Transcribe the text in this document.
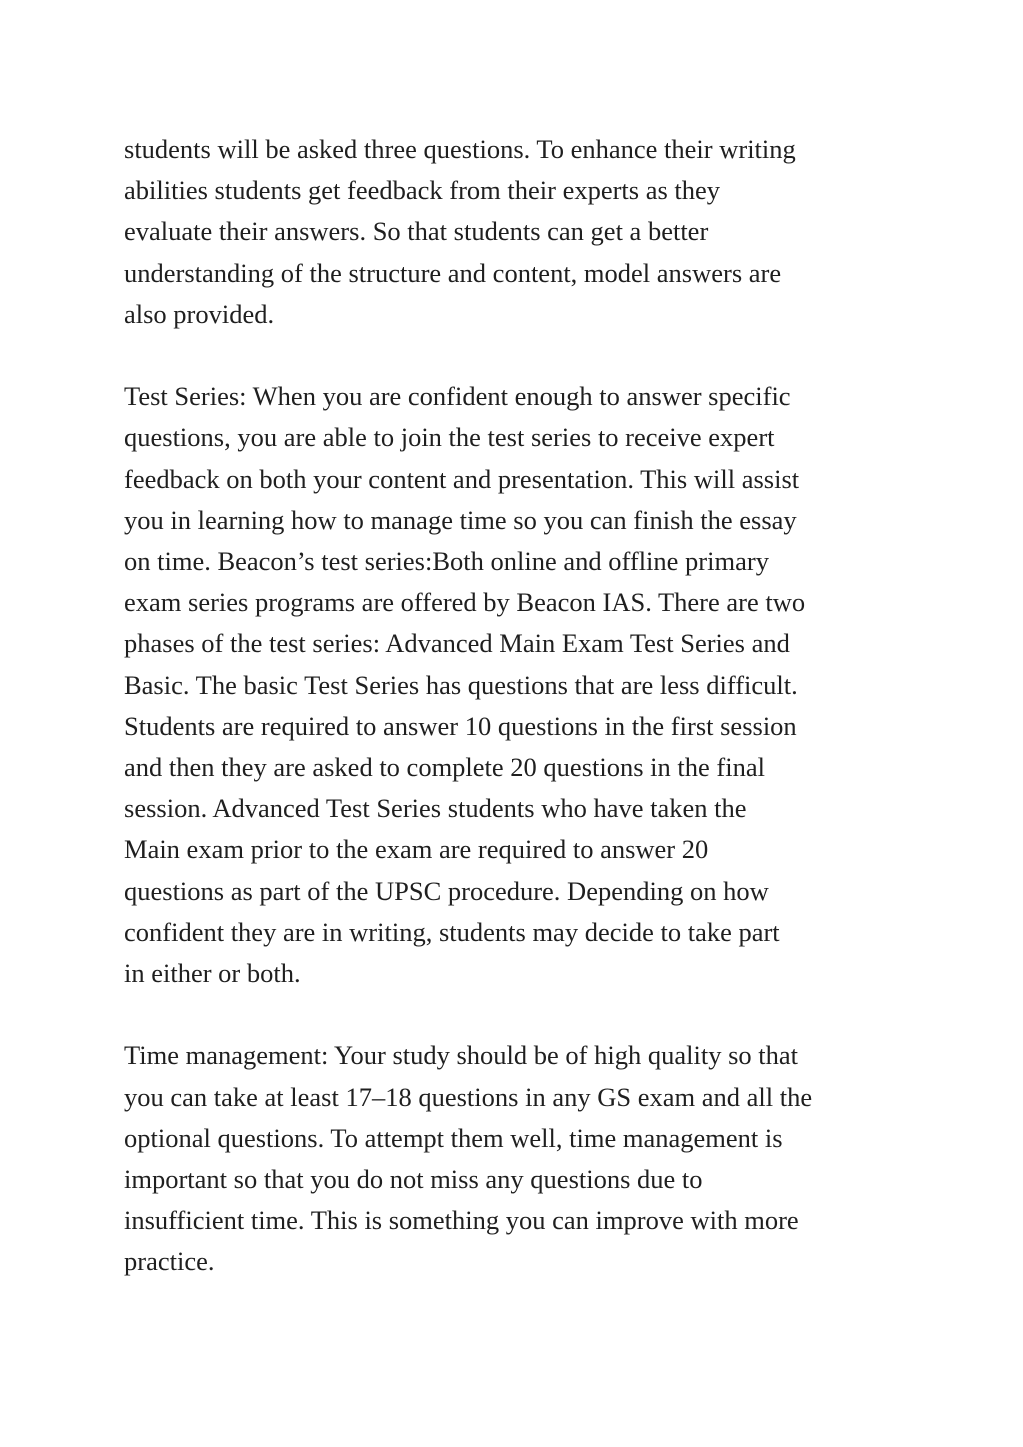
students will be asked three questions. To enhance their writing
abilities students get feedback from their experts as they
evaluate their answers. So that students can get a better
understanding of the structure and content, model answers are
also provided.

Test Series: When you are confident enough to answer specific
questions, you are able to join the test series to receive expert
feedback on both your content and presentation. This will assist
you in learning how to manage time so you can finish the essay
on time. Beacon’s test series:Both online and offline primary
exam series programs are offered by Beacon IAS. There are two
phases of the test series: Advanced Main Exam Test Series and
Basic. The basic Test Series has questions that are less difficult.
Students are required to answer 10 questions in the first session
and then they are asked to complete 20 questions in the final
session. Advanced Test Series students who have taken the
Main exam prior to the exam are required to answer 20
questions as part of the UPSC procedure. Depending on how
confident they are in writing, students may decide to take part
in either or both.

Time management: Your study should be of high quality so that
you can take at least 17–18 questions in any GS exam and all the
optional questions. To attempt them well, time management is
important so that you do not miss any questions due to
insufficient time. This is something you can improve with more
practice.
